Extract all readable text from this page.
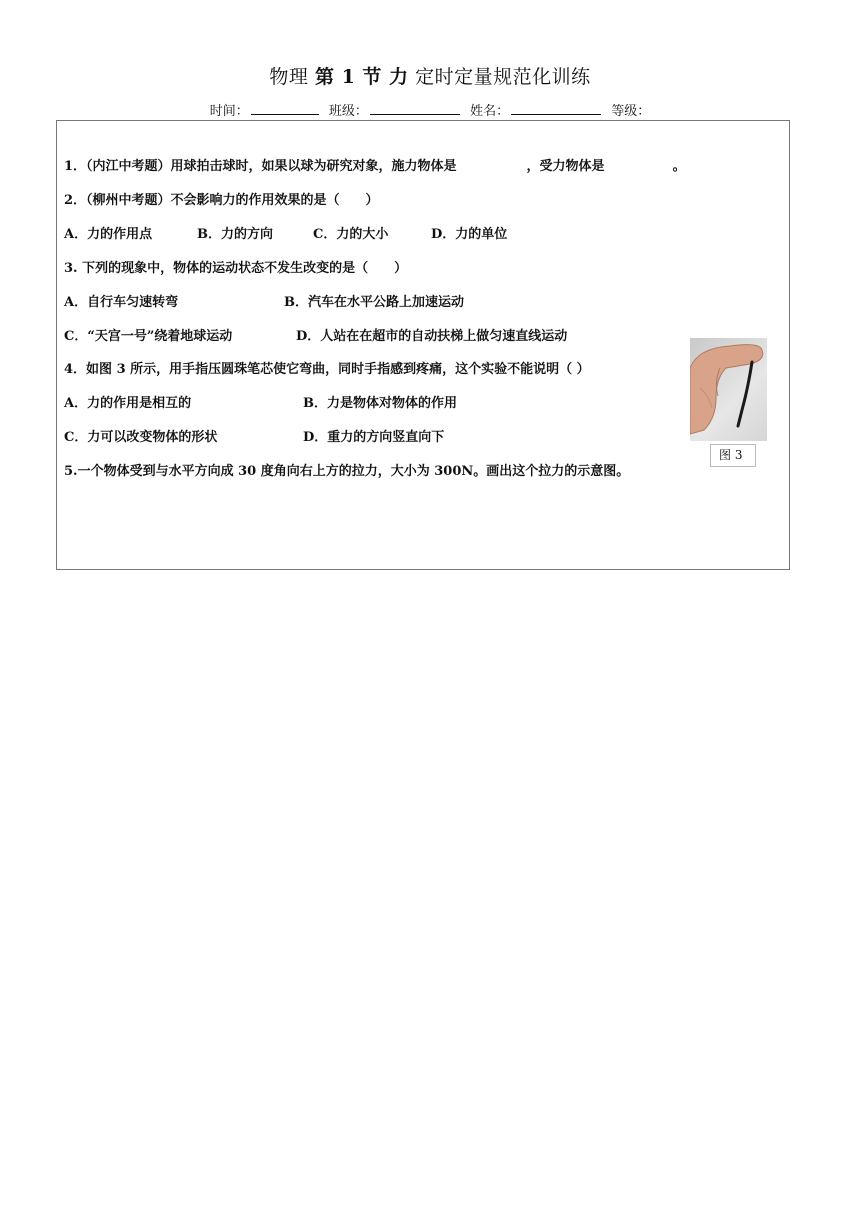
物理 第 1 节 力 定时定量规范化训练
时间：	班级：	姓名：	等级：
1．（内江中考题）用球拍击球时，如果以球为研究对象，施力物体是	，受力物体是	。
2．（柳州中考题）不会影响力的作用效果的是（　　）
A．力的作用点	B．力的方向	C．力的大小	D．力的单位
3. 下列的现象中，物体的运动状态不发生改变的是（　　）
A．自行车匀速转弯	B．汽车在水平公路上加速运动
C．“天宫一号”绕着地球运动	D．人站在在超市的自动扶梯上做匀速直线运动
4．如图 3 所示，用手指压圆珠笔芯使它弯曲，同时手指感到疼痛，这个实验不能说明（ ）
A．力的作用是相互的	B．力是物体对物体的作用
C．力可以改变物体的形状	D．重力的方向竖直向下
图 3
5.一个物体受到与水平方向成 30 度角向右上方的拉力，大小为 300N。画出这个拉力的示意图。
